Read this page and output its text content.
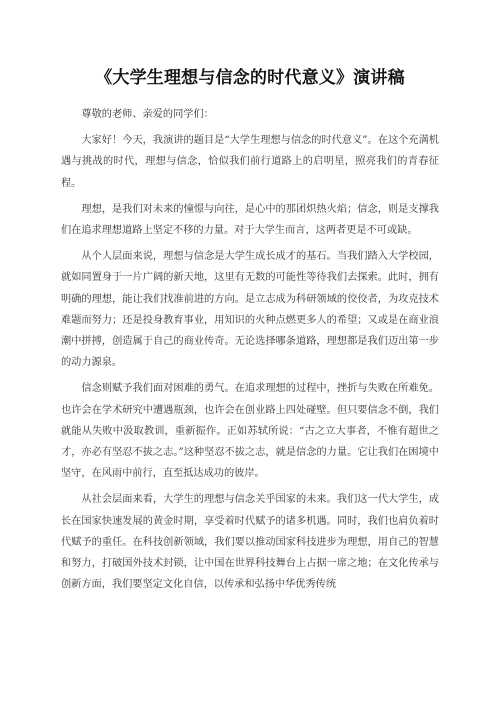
《大学生理想与信念的时代意义》演讲稿

尊敬的老师、亲爱的同学们：

大家好！今天，我演讲的题目是“大学生理想与信念的时代意义”。在这个充满机遇与挑战的时代，理想与信念，恰似我们前行道路上的启明星，照亮我们的青春征程。

理想，是我们对未来的憧憬与向往，是心中的那团炽热火焰；信念，则是支撑我们在追求理想道路上坚定不移的力量。对于大学生而言，这两者更是不可或缺。

从个人层面来说，理想与信念是大学生成长成才的基石。当我们踏入大学校园，就如同置身于一片广阔的新天地，这里有无数的可能性等待我们去探索。此时，拥有明确的理想，能让我们找准前进的方向。是立志成为科研领域的佼佼者，为攻克技术难题而努力；还是投身教育事业，用知识的火种点燃更多人的希望；又或是在商业浪潮中拼搏，创造属于自己的商业传奇。无论选择哪条道路，理想都是我们迈出第一步的动力源泉。

信念则赋予我们面对困难的勇气。在追求理想的过程中，挫折与失败在所难免。也许会在学术研究中遭遇瓶颈，也许会在创业路上四处碰壁。但只要信念不倒，我们就能从失败中汲取教训，重新振作。正如苏轼所说：“古之立大事者，不惟有超世之才，亦必有坚忍不拔之志。”这种坚忍不拔之志，就是信念的力量。它让我们在困境中坚守，在风雨中前行，直至抵达成功的彼岸。

从社会层面来看，大学生的理想与信念关乎国家的未来。我们这一代大学生，成长在国家快速发展的黄金时期，享受着时代赋予的诸多机遇。同时，我们也肩负着时代赋予的重任。在科技创新领域，我们要以推动国家科技进步为理想，用自己的智慧和努力，打破国外技术封锁，让中国在世界科技舞台上占据一席之地；在文化传承与创新方面，我们要坚定文化自信，以传承和弘扬中华优秀传统
